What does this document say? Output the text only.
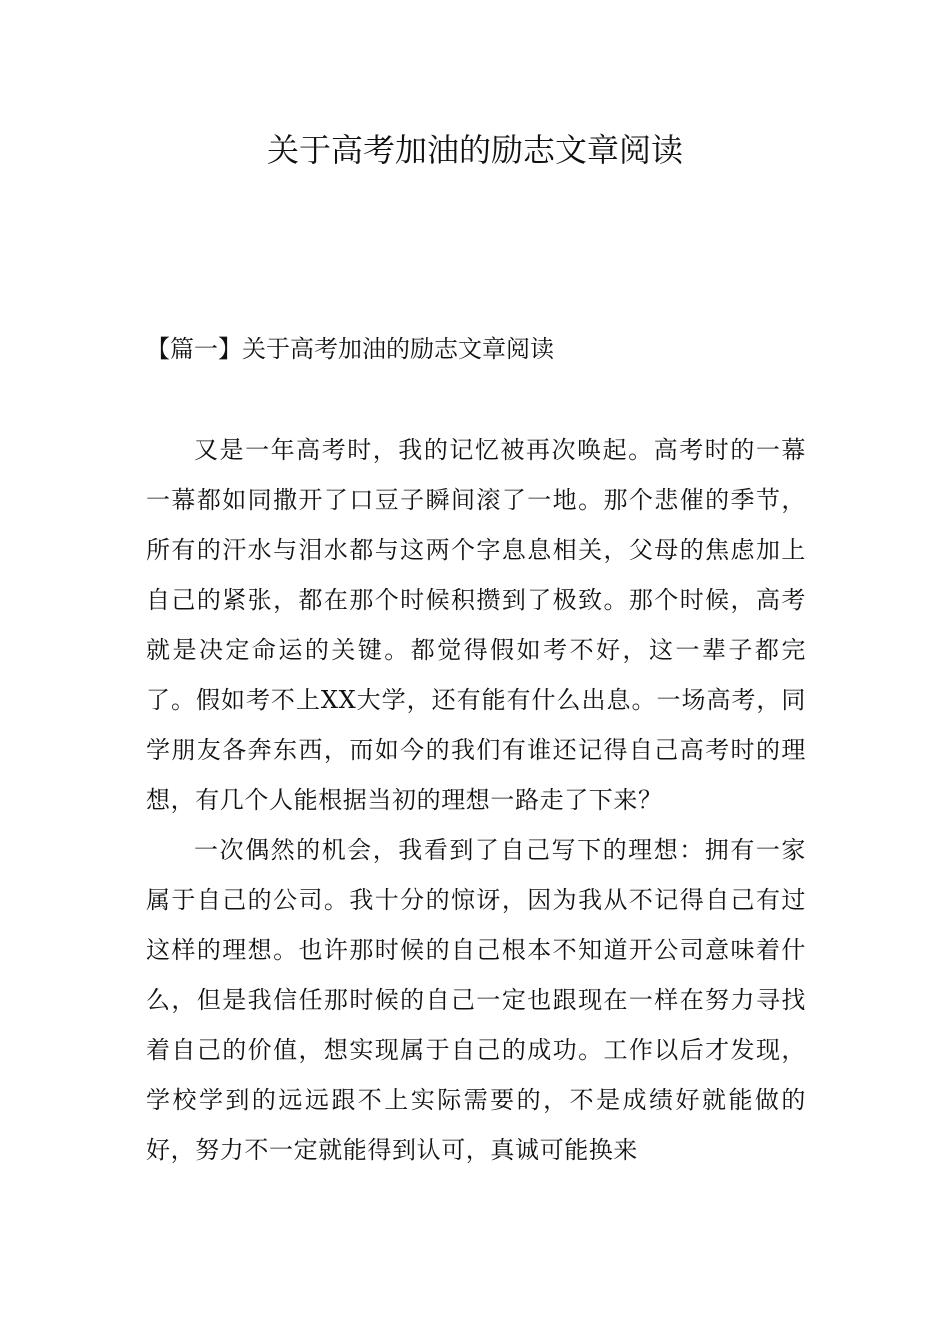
关于高考加油的励志文章阅读
【篇一】关于高考加油的励志文章阅读

又是一年高考时，我的记忆被再次唤起。高考时的一幕一幕都如同撒开了口豆子瞬间滚了一地。那个悲催的季节，所有的汗水与泪水都与这两个字息息相关，父母的焦虑加上自己的紧张，都在那个时候积攒到了极致。那个时候，高考就是决定命运的关键。都觉得假如考不好，这一辈子都完了。假如考不上XX大学，还有能有什么出息。一场高考，同学朋友各奔东西，而如今的我们有谁还记得自己高考时的理想，有几个人能根据当初的理想一路走了下来？

一次偶然的机会，我看到了自己写下的理想：拥有一家属于自己的公司。我十分的惊讶，因为我从不记得自己有过这样的理想。也许那时候的自己根本不知道开公司意味着什么，但是我信任那时候的自己一定也跟现在一样在努力寻找着自己的价值，想实现属于自己的成功。工作以后才发现，学校学到的远远跟不上实际需要的，不是成绩好就能做的好，努力不一定就能得到认可，真诚可能换来
